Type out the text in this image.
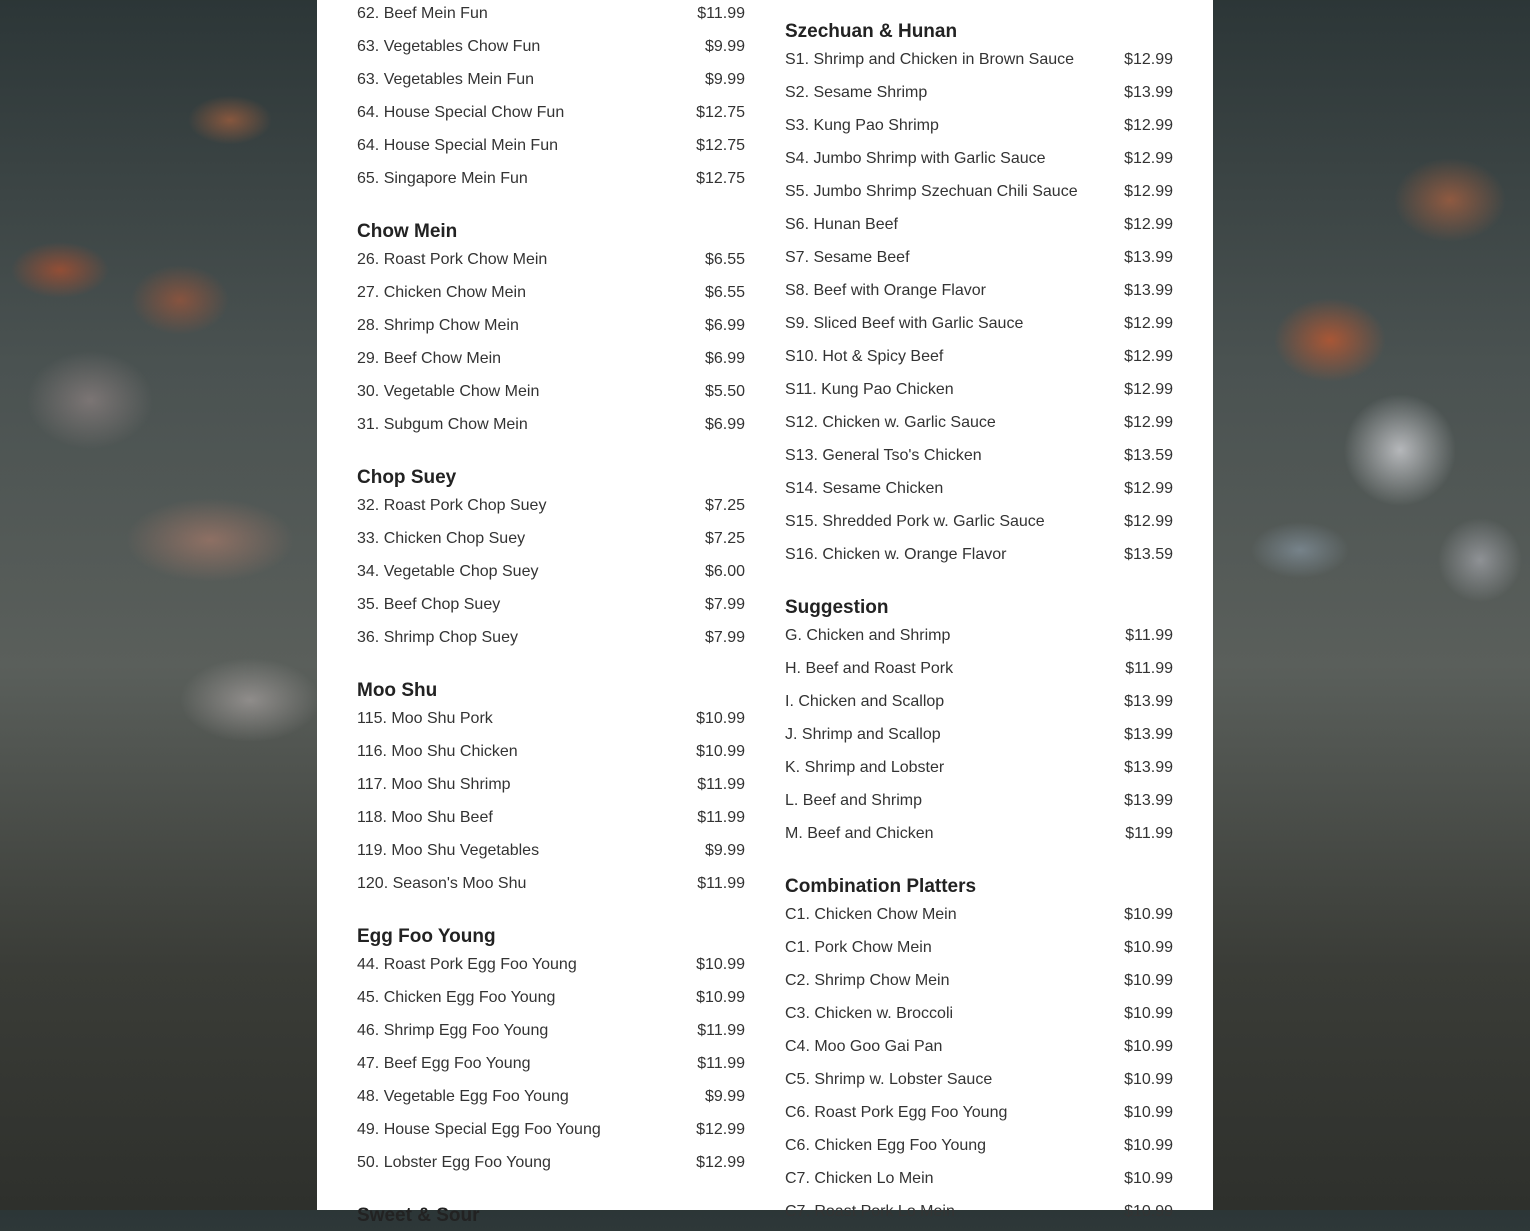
62. Beef Mein Fun	$11.99
63. Vegetables Chow Fun	$9.99
63. Vegetables Mein Fun	$9.99
64. House Special Chow Fun	$12.75
64. House Special Mein Fun	$12.75
65. Singapore Mein Fun	$12.75
Chow Mein
26. Roast Pork Chow Mein	$6.55
27. Chicken Chow Mein	$6.55
28. Shrimp Chow Mein	$6.99
29. Beef Chow Mein	$6.99
30. Vegetable Chow Mein	$5.50
31. Subgum Chow Mein	$6.99
Chop Suey
32. Roast Pork Chop Suey	$7.25
33. Chicken Chop Suey	$7.25
34. Vegetable Chop Suey	$6.00
35. Beef Chop Suey	$7.99
36. Shrimp Chop Suey	$7.99
Moo Shu
115. Moo Shu Pork	$10.99
116. Moo Shu Chicken	$10.99
117. Moo Shu Shrimp	$11.99
118. Moo Shu Beef	$11.99
119. Moo Shu Vegetables	$9.99
120. Season's Moo Shu	$11.99
Egg Foo Young
44. Roast Pork Egg Foo Young	$10.99
45. Chicken Egg Foo Young	$10.99
46. Shrimp Egg Foo Young	$11.99
47. Beef Egg Foo Young	$11.99
48. Vegetable Egg Foo Young	$9.99
49. House Special Egg Foo Young	$12.99
50. Lobster Egg Foo Young	$12.99
Sweet & Sour
Szechuan & Hunan
S1. Shrimp and Chicken in Brown Sauce	$12.99
S2. Sesame Shrimp	$13.99
S3. Kung Pao Shrimp	$12.99
S4. Jumbo Shrimp with Garlic Sauce	$12.99
S5. Jumbo Shrimp Szechuan Chili Sauce	$12.99
S6. Hunan Beef	$12.99
S7. Sesame Beef	$13.99
S8. Beef with Orange Flavor	$13.99
S9. Sliced Beef with Garlic Sauce	$12.99
S10. Hot & Spicy Beef	$12.99
S11. Kung Pao Chicken	$12.99
S12. Chicken w. Garlic Sauce	$12.99
S13. General Tso's Chicken	$13.59
S14. Sesame Chicken	$12.99
S15. Shredded Pork w. Garlic Sauce	$12.99
S16. Chicken w. Orange Flavor	$13.59
Suggestion
G. Chicken and Shrimp	$11.99
H. Beef and Roast Pork	$11.99
I. Chicken and Scallop	$13.99
J. Shrimp and Scallop	$13.99
K. Shrimp and Lobster	$13.99
L. Beef and Shrimp	$13.99
M. Beef and Chicken	$11.99
Combination Platters
C1. Chicken Chow Mein	$10.99
C1. Pork Chow Mein	$10.99
C2. Shrimp Chow Mein	$10.99
C3. Chicken w. Broccoli	$10.99
C4. Moo Goo Gai Pan	$10.99
C5. Shrimp w. Lobster Sauce	$10.99
C6. Roast Pork Egg Foo Young	$10.99
C6. Chicken Egg Foo Young	$10.99
C7. Chicken Lo Mein	$10.99
C7. Roast Pork Lo Mein	$10.99
